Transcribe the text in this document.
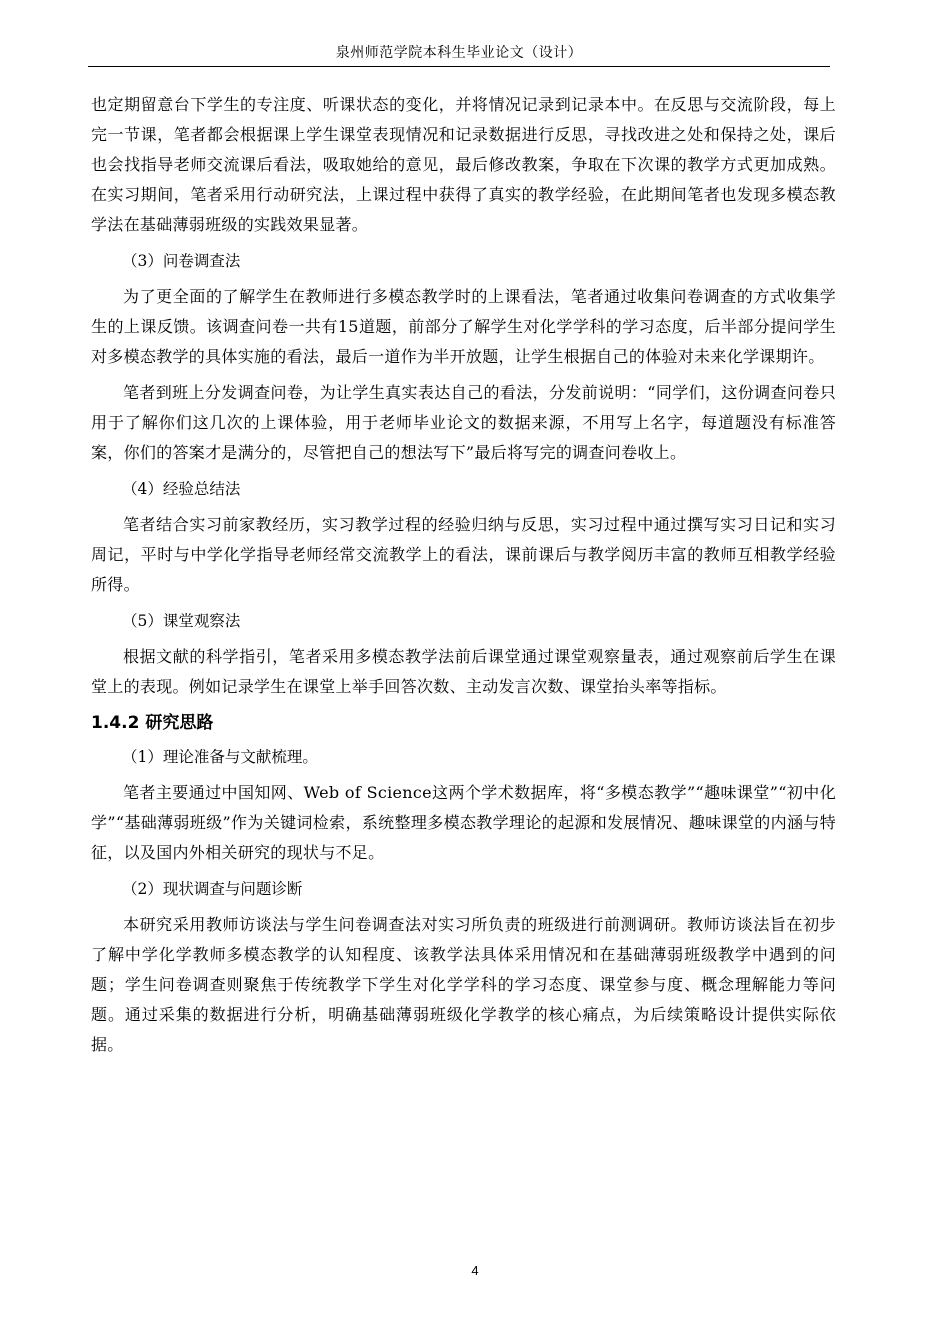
泉州师范学院本科生毕业论文（设计）

也定期留意台下学生的专注度、听课状态的变化，并将情况记录到记录本中。在反思与交流阶段，每上完一节课，笔者都会根据课上学生课堂表现情况和记录数据进行反思，寻找改进之处和保持之处，课后也会找指导老师交流课后看法，吸取她给的意见，最后修改教案，争取在下次课的教学方式更加成熟。在实习期间，笔者采用行动研究法，上课过程中获得了真实的教学经验，在此期间笔者也发现多模态教学法在基础薄弱班级的实践效果显著。

（3）问卷调查法

为了更全面的了解学生在教师进行多模态教学时的上课看法，笔者通过收集问卷调查的方式收集学生的上课反馈。该调查问卷一共有15道题，前部分了解学生对化学学科的学习态度，后半部分提问学生对多模态教学的具体实施的看法，最后一道作为半开放题，让学生根据自己的体验对未来化学课期许。

笔者到班上分发调查问卷，为让学生真实表达自己的看法，分发前说明：“同学们，这份调查问卷只用于了解你们这几次的上课体验，用于老师毕业论文的数据来源，不用写上名字，每道题没有标准答案，你们的答案才是满分的，尽管把自己的想法写下”最后将写完的调查问卷收上。

（4）经验总结法

笔者结合实习前家教经历，实习教学过程的经验归纳与反思，实习过程中通过撰写实习日记和实习周记，平时与中学化学指导老师经常交流教学上的看法，课前课后与教学阅历丰富的教师互相教学经验所得。

（5）课堂观察法

根据文献的科学指引，笔者采用多模态教学法前后课堂通过课堂观察量表，通过观察前后学生在课堂上的表现。例如记录学生在课堂上举手回答次数、主动发言次数、课堂抬头率等指标。

1.4.2 研究思路

（1）理论准备与文献梳理。

笔者主要通过中国知网、Web of Science这两个学术数据库，将“多模态教学”“趣味课堂”“初中化学”“基础薄弱班级”作为关键词检索，系统整理多模态教学理论的起源和发展情况、趣味课堂的内涵与特征，以及国内外相关研究的现状与不足。

（2）现状调查与问题诊断

本研究采用教师访谈法与学生问卷调查法对实习所负责的班级进行前测调研。教师访谈法旨在初步了解中学化学教师多模态教学的认知程度、该教学法具体采用情况和在基础薄弱班级教学中遇到的问题；学生问卷调查则聚焦于传统教学下学生对化学学科的学习态度、课堂参与度、概念理解能力等问题。通过采集的数据进行分析，明确基础薄弱班级化学教学的核心痛点，为后续策略设计提供实际依据。

4
